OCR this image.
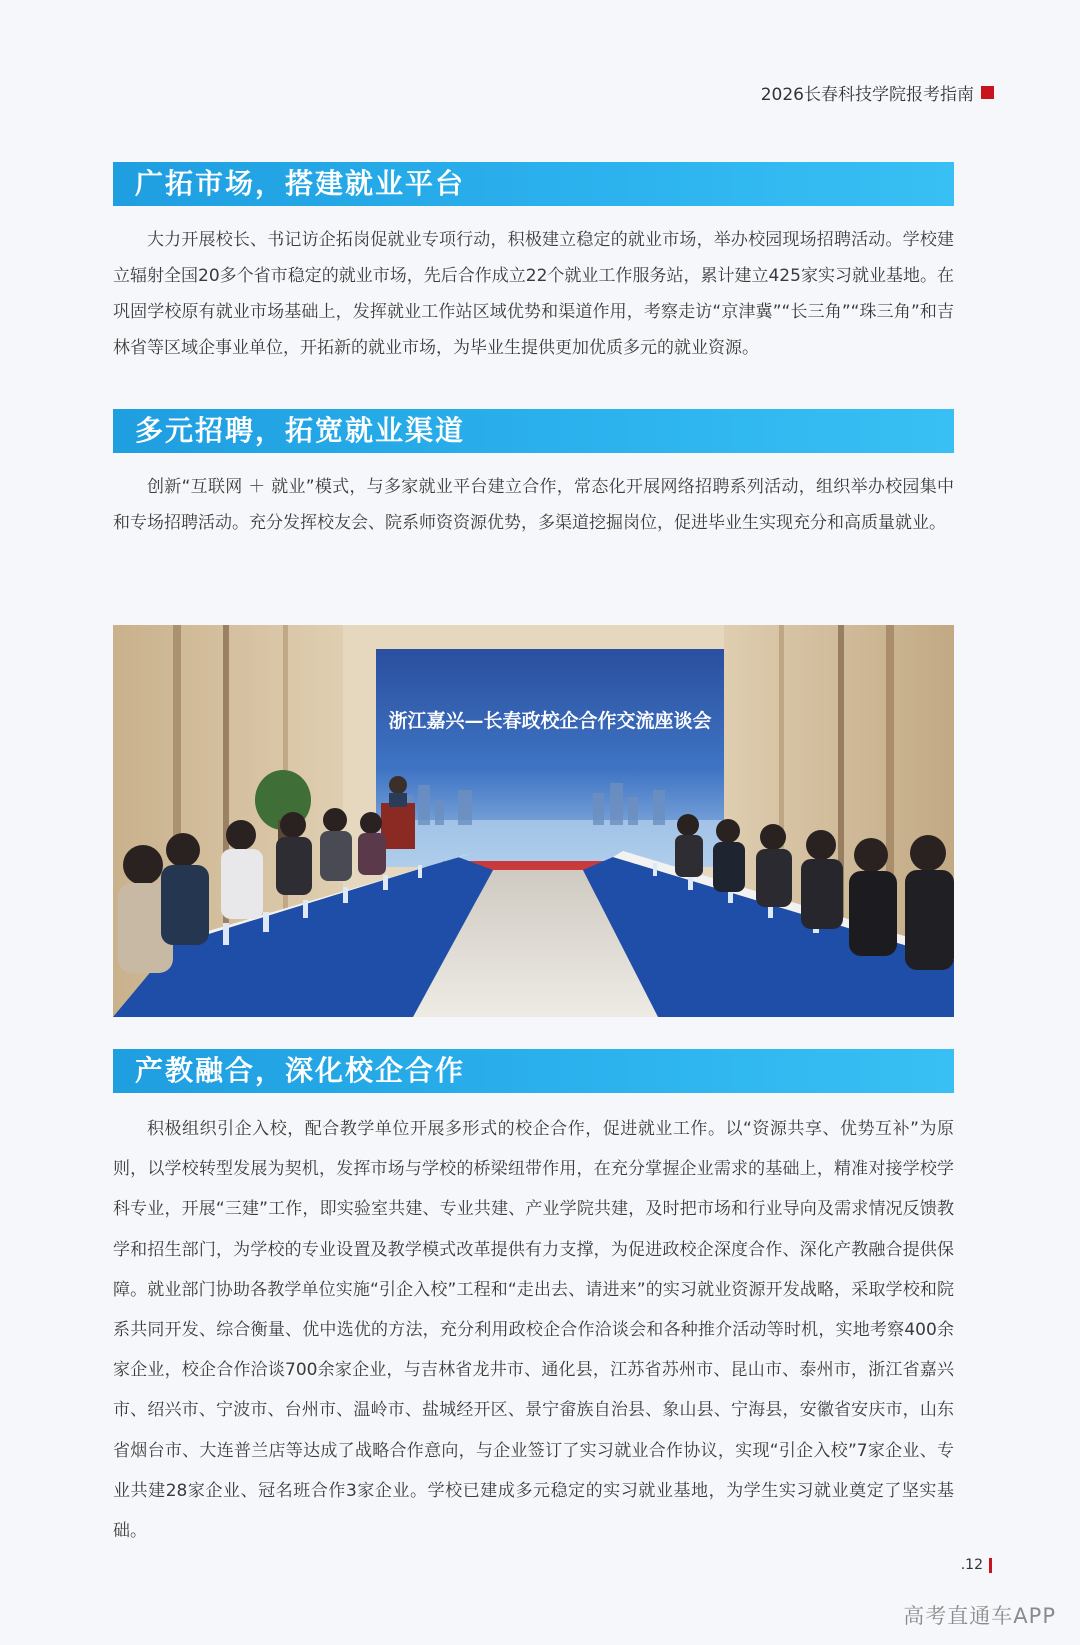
2026长春科技学院报考指南
广拓市场，搭建就业平台

大力开展校长、书记访企拓岗促就业专项行动，积极建立稳定的就业市场，举办校园现场招聘活动。学校建立辐射全国20多个省市稳定的就业市场，先后合作成立22个就业工作服务站，累计建立425家实习就业基地。在巩固学校原有就业市场基础上，发挥就业工作站区域优势和渠道作用，考察走访“京津冀”“长三角”“珠三角”和吉林省等区域企事业单位，开拓新的就业市场，为毕业生提供更加优质多元的就业资源。

多元招聘，拓宽就业渠道

创新“互联网 ＋ 就业”模式，与多家就业平台建立合作，常态化开展网络招聘系列活动，组织举办校园集中和专场招聘活动。充分发挥校友会、院系师资资源优势，多渠道挖掘岗位，促进毕业生实现充分和高质量就业。

浙江嘉兴—长春政校企合作交流座谈会
产教融合，深化校企合作

积极组织引企入校，配合教学单位开展多形式的校企合作，促进就业工作。以“资源共享、优势互补”为原则，以学校转型发展为契机，发挥市场与学校的桥梁纽带作用，在充分掌握企业需求的基础上，精准对接学校学科专业，开展“三建”工作，即实验室共建、专业共建、产业学院共建，及时把市场和行业导向及需求情况反馈教学和招生部门，为学校的专业设置及教学模式改革提供有力支撑，为促进政校企深度合作、深化产教融合提供保障。就业部门协助各教学单位实施“引企入校”工程和“走出去、请进来”的实习就业资源开发战略，采取学校和院系共同开发、综合衡量、优中选优的方法，充分利用政校企合作洽谈会和各种推介活动等时机，实地考察400余家企业，校企合作洽谈700余家企业，与吉林省龙井市、通化县，江苏省苏州市、昆山市、泰州市，浙江省嘉兴市、绍兴市、宁波市、台州市、温岭市、盐城经开区、景宁畲族自治县、象山县、宁海县，安徽省安庆市，山东省烟台市、大连普兰店等达成了战略合作意向，与企业签订了实习就业合作协议，实现“引企入校”7家企业、专业共建28家企业、冠名班合作3家企业。学校已建成多元稳定的实习就业基地，为学生实习就业奠定了坚实基础。

.12
高考直通车APP
